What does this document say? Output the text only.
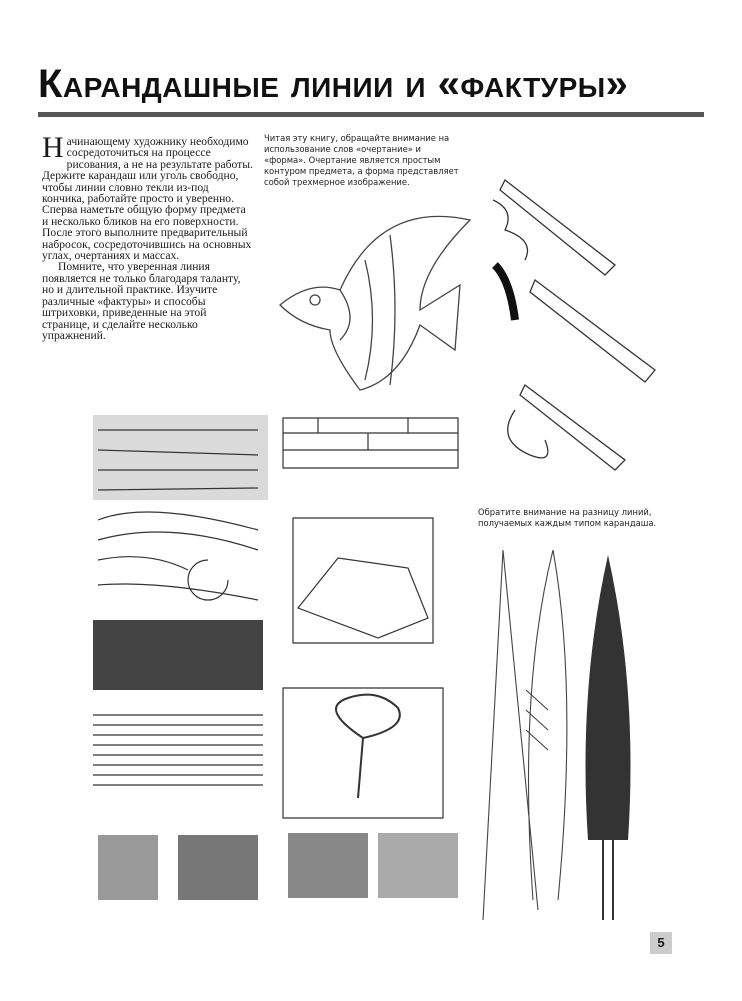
Карандашные линии и «фактуры»

Начинающему художнику необходимо сосредоточиться на процессе рисования, а не на результате работы. Держите карандаш или уголь свободно, чтобы линии словно текли из-под кончика, работайте просто и уверенно. Сперва наметьте общую форму предмета и несколько бликов на его поверхности. После этого выполните предварительный набросок, сосредоточившись на основных углах, очертаниях и массах.

Помните, что уверенная линия появляется не только благодаря таланту, но и длительной практике. Изучите различные «фактуры» и способы штриховки, приведенные на этой странице, и сделайте несколько упражнений.

Читая эту книгу, обращайте внимание на использование слов «очертание» и «форма». Очертание является простым контуром предмета, а форма представляет собой трехмерное изображение.
Обратите внимание на разницу линий, получаемых каждым типом карандаша.
5
